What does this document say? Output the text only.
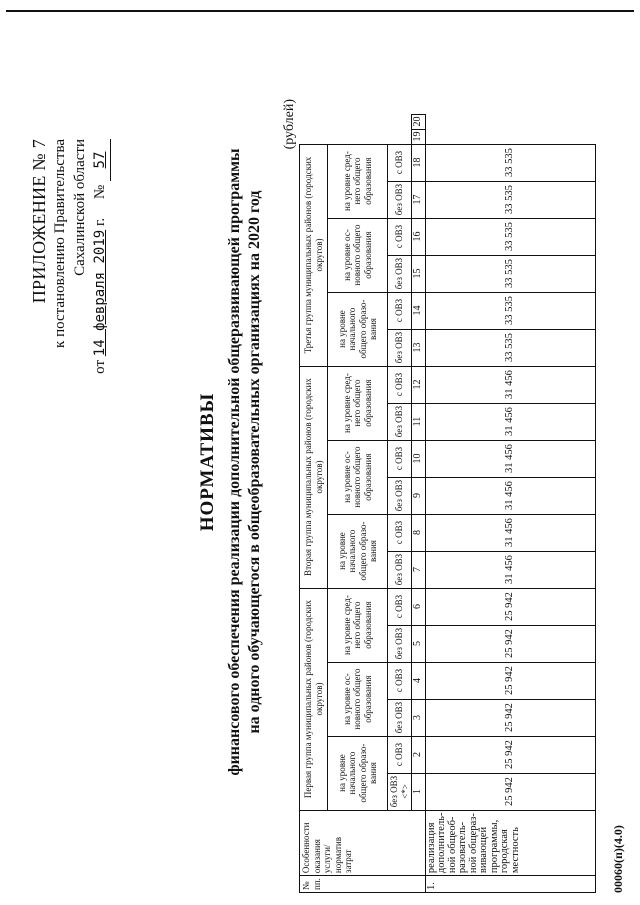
ПРИЛОЖЕНИЕ № 7 к постановлению Правительства Сахалинской области
от 14 февраля 2019 г.     № 57
НОРМАТИВЫ финансового обеспечения реализации дополнительной общеразвивающей программы на одного обучающегося в общеобразовательных организациях на 2020 год
(рублей)
№ пп.	Особенности оказания услуги/ норматив затрат	Первая группа муниципальных районов (городских округов)						Вторая группа муниципальных районов (городских округов)						Третья группа муниципальных районов (городских округов)							
		на уровне начального общего образо-вания		на уровне ос-новного общего образования		на уровне сред-него общего образования		на уровне начального общего образо-вания		на уровне ос-новного общего образования		на уровне сред-него общего образования		на уровне начального общего образо-вания		на уровне ос-новного общего образования		на уровне сред-него общего образования			
		без ОВЗ <*>	с ОВЗ	без ОВЗ	с ОВЗ	без ОВЗ	с ОВЗ	без ОВЗ	с ОВЗ	без ОВЗ	с ОВЗ	без ОВЗ	с ОВЗ	без ОВЗ	с ОВЗ	без ОВЗ	с ОВЗ	без ОВЗ	с ОВЗ		
		1	2	3	4	5	6	7	8	9	10	11	12	13	14	15	16	17	18	19	20
1.	реализация дополнитель-ной общеоб-разователь-ной общераз-вивающей программы, городская местность	25 942	25 942	25 942	25 942	25 942	25 942	31 456	31 456	31 456	31 456	31 456	31 456	33 535	33 535	33 535	33 535	33 535	33 535		
00060(п)(4.0)
